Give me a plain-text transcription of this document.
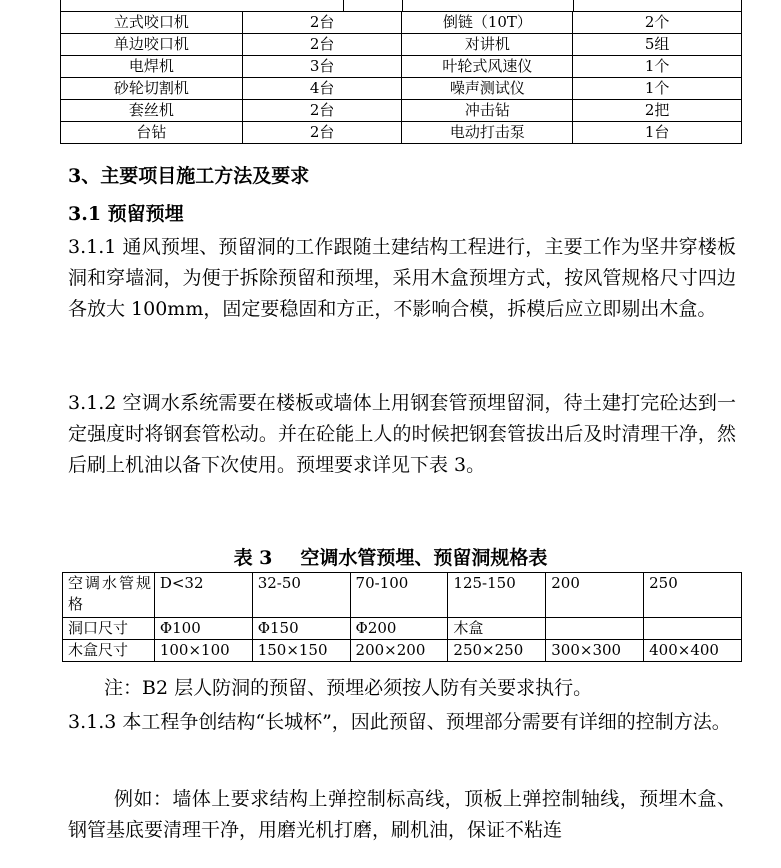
立式咬口机	2台	倒链（10T）	2个
单边咬口机	2台	对讲机	5组
电焊机	3台	叶轮式风速仪	1个
砂轮切割机	4台	噪声测试仪	1个
套丝机	2台	冲击钻	2把
台钻	2台	电动打击泵	1台
3、主要项目施工方法及要求
3.1 预留预埋
3.1.1 通风预埋、预留洞的工作跟随土建结构工程进行，主要工作为坚井穿楼板洞和穿墙洞，为便于拆除预留和预埋，采用木盒预埋方式，按风管规格尺寸四边各放大 100mm，固定要稳固和方正，不影响合模，拆模后应立即剔出木盒。
3.1.2 空调水系统需要在楼板或墙体上用钢套管预埋留洞，待土建打完砼达到一定强度时将钢套管松动。并在砼能上人的时候把钢套管拔出后及时清理干净，然后刷上机油以备下次使用。预埋要求详见下表 3。
表 3 空调水管预埋、预留洞规格表
空调水管规格	D<32	32-50	70-100	125-150	200	250
洞口尺寸	Φ100	Φ150	Φ200	木盒		
木盒尺寸	100×100	150×150	200×200	250×250	300×300	400×400
注：B2 层人防洞的预留、预埋必须按人防有关要求执行。
3.1.3 本工程争创结构“长城杯”，因此预留、预埋部分需要有详细的控制方法。
例如：墙体上要求结构上弹控制标高线，顶板上弹控制轴线，预埋木盒、钢管基底要清理干净，用磨光机打磨，刷机油，保证不粘连
